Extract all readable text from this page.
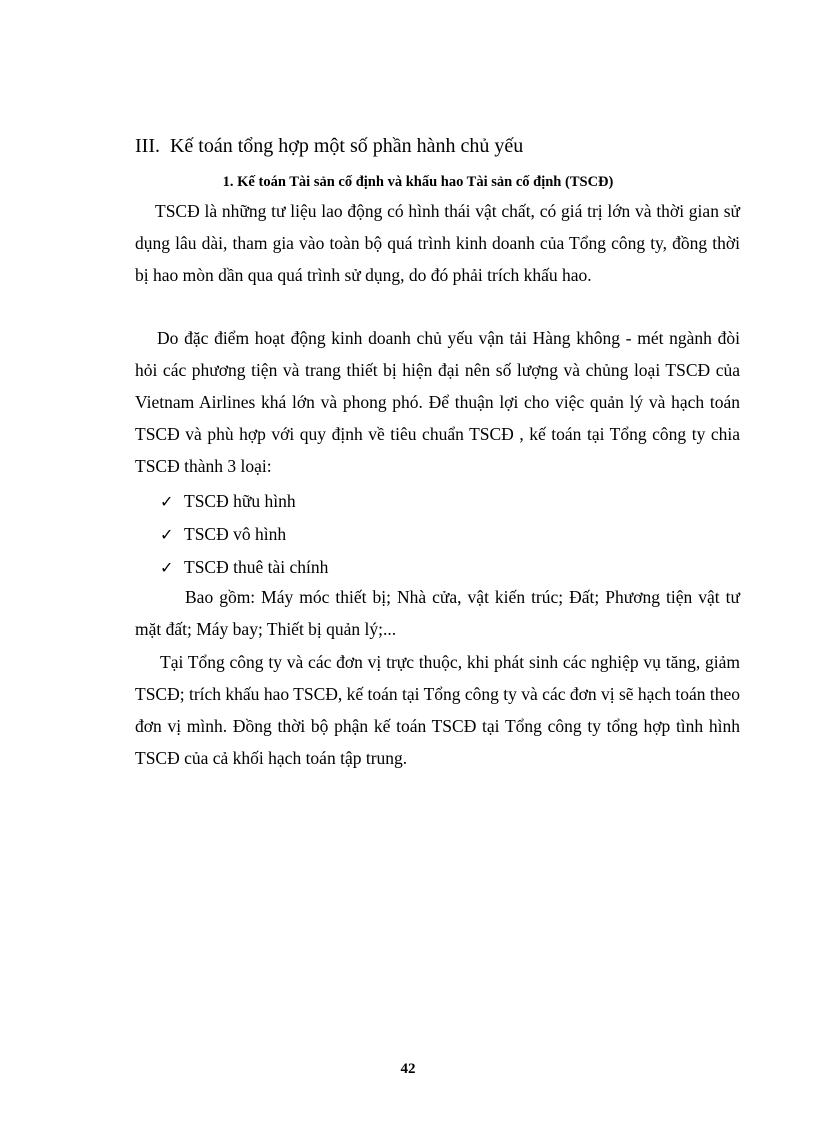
III. Kế toán tổng hợp một số phần hành chủ yếu
1. Kế toán Tài sản cố định và khấu hao Tài sản cố định (TSCĐ)

TSCĐ là những tư liệu lao động có hình thái vật chất, có giá trị lớn và thời gian sử dụng lâu dài, tham gia vào toàn bộ quá trình kinh doanh của Tổng công ty, đồng thời bị hao mòn dần qua quá trình sử dụng, do đó phải trích khấu hao.

Do đặc điểm hoạt động kinh doanh chủ yếu vận tải Hàng không - mét ngành đòi hỏi các phương tiện và trang thiết bị hiện đại nên số lượng và chủng loại TSCĐ của Vietnam Airlines khá lớn và phong phó. Để thuận lợi cho việc quản lý và hạch toán TSCĐ và phù hợp với quy định về tiêu chuẩn TSCĐ , kế toán tại Tổng công ty chia TSCĐ thành 3 loại:

✓ TSCĐ hữu hình
✓ TSCĐ vô hình
✓ TSCĐ thuê tài chính

Bao gồm: Máy móc thiết bị; Nhà cửa, vật kiến trúc; Đất; Phương tiện vật tư mặt đất; Máy bay; Thiết bị quản lý;...

Tại Tổng công ty và các đơn vị trực thuộc, khi phát sinh các nghiệp vụ tăng, giảm TSCĐ; trích khấu hao TSCĐ, kế toán tại Tổng công ty và các đơn vị sẽ hạch toán theo đơn vị mình. Đồng thời bộ phận kế toán TSCĐ tại Tổng công ty tổng hợp tình hình TSCĐ của cả khối hạch toán tập trung.

42
